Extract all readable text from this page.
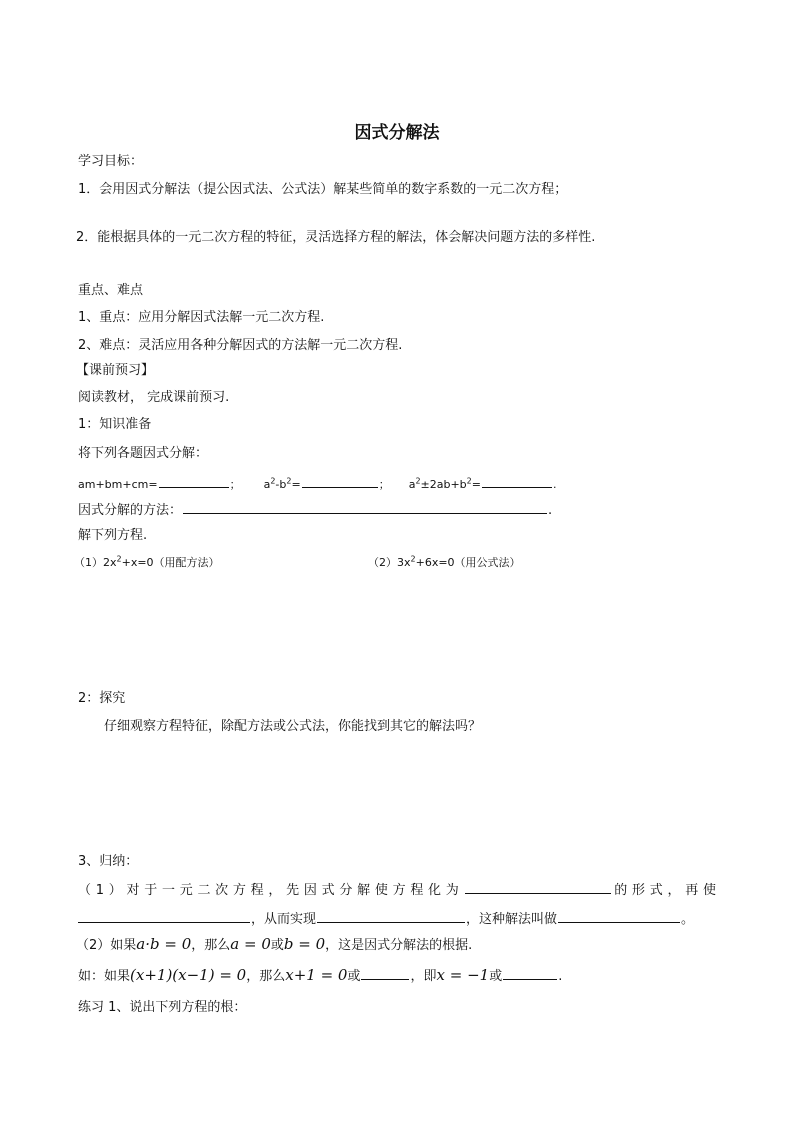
因式分解法
学习目标：
1．会用因式分解法（提公因式法、公式法）解某些简单的数字系数的一元二次方程；
2．能根据具体的一元二次方程的特征，灵活选择方程的解法，体会解决问题方法的多样性.
重点、难点
1、重点：应用分解因式法解一元二次方程.
2、难点：灵活应用各种分解因式的方法解一元二次方程.
【课前预习】
阅读教材， 完成课前预习.
1：知识准备
将下列各题因式分解：
am+bm+cm=	； $a^2-b^2=$	； $a^2\pm 2ab+b^2=$	.
因式分解的方法：	.
解下列方程.
$(1)2x^2+x=0$（用配方法）	$(2)3x^2+6x=0$（用公式法）
2：探究
仔细观察方程特征，除配方法或公式法，你能找到其它的解法吗？
3、归纳：
（1）对于一元二次方程，先因式分解使方程化为	的形式，再使
，从而实现	，这种解法叫做	。
（2）如果a·b = 0，那么a = 0或b = 0，这是因式分解法的根据.
如：如果(x+1)(x−1) = 0，那么x+1 = 0或	，即x = −1或	.
练习 1、说出下列方程的根：
